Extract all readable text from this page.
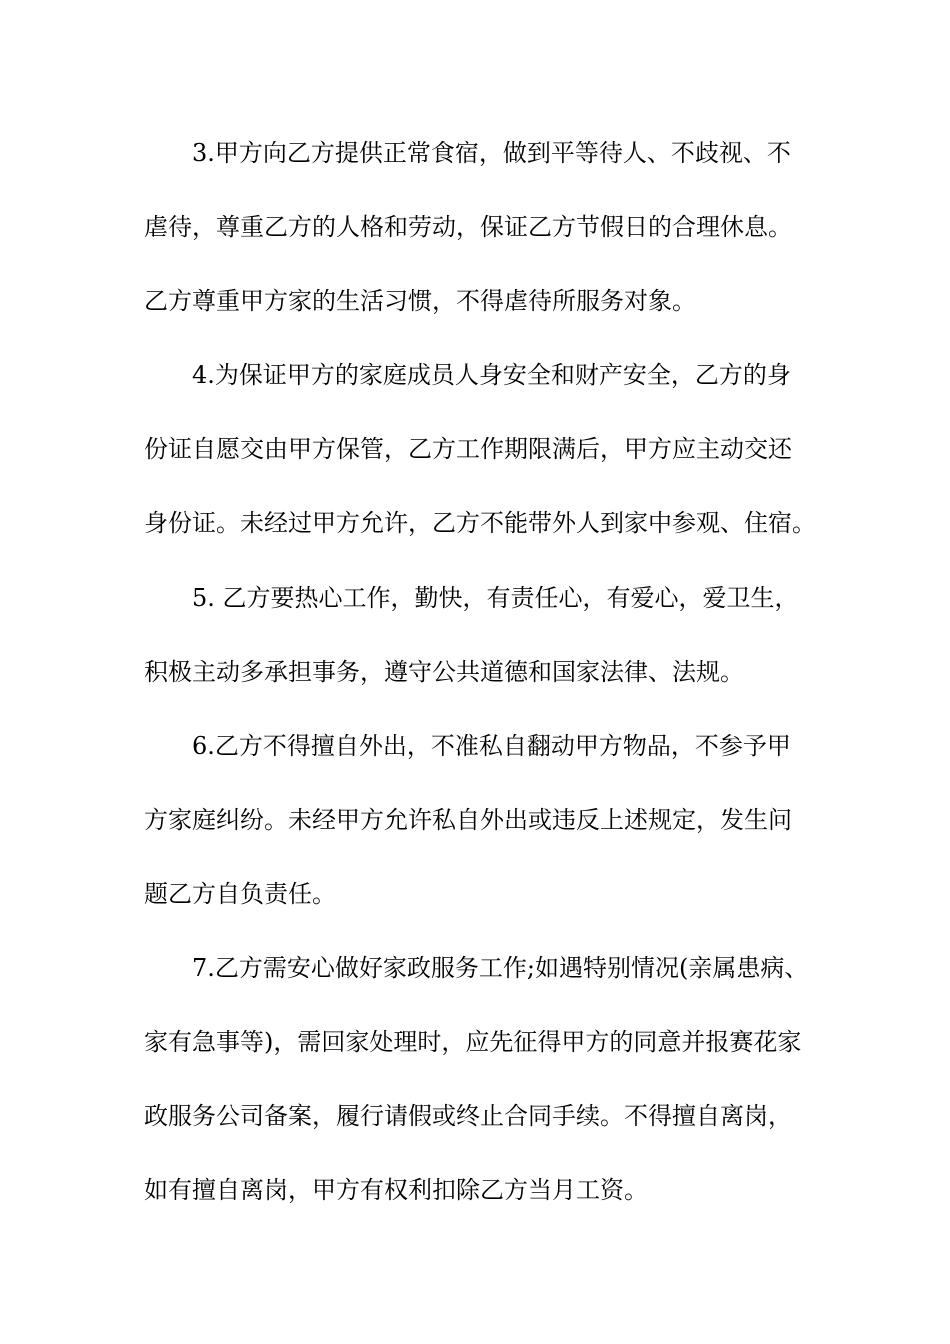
3.甲方向乙方提供正常食宿，做到平等待人、不歧视、不
虐待，尊重乙方的人格和劳动，保证乙方节假日的合理休息。
乙方尊重甲方家的生活习惯，不得虐待所服务对象。
4.为保证甲方的家庭成员人身安全和财产安全，乙方的身
份证自愿交由甲方保管，乙方工作期限满后，甲方应主动交还
身份证。未经过甲方允许，乙方不能带外人到家中参观、住宿。
5. 乙方要热心工作，勤快，有责任心，有爱心，爱卫生，
积极主动多承担事务，遵守公共道德和国家法律、法规。
6.乙方不得擅自外出，不准私自翻动甲方物品，不参予甲
方家庭纠纷。未经甲方允许私自外出或违反上述规定，发生问
题乙方自负责任。
7.乙方需安心做好家政服务工作;如遇特别情况(亲属患病、
家有急事等)，需回家处理时，应先征得甲方的同意并报赛花家
政服务公司备案，履行请假或终止合同手续。不得擅自离岗，
如有擅自离岗，甲方有权利扣除乙方当月工资。
